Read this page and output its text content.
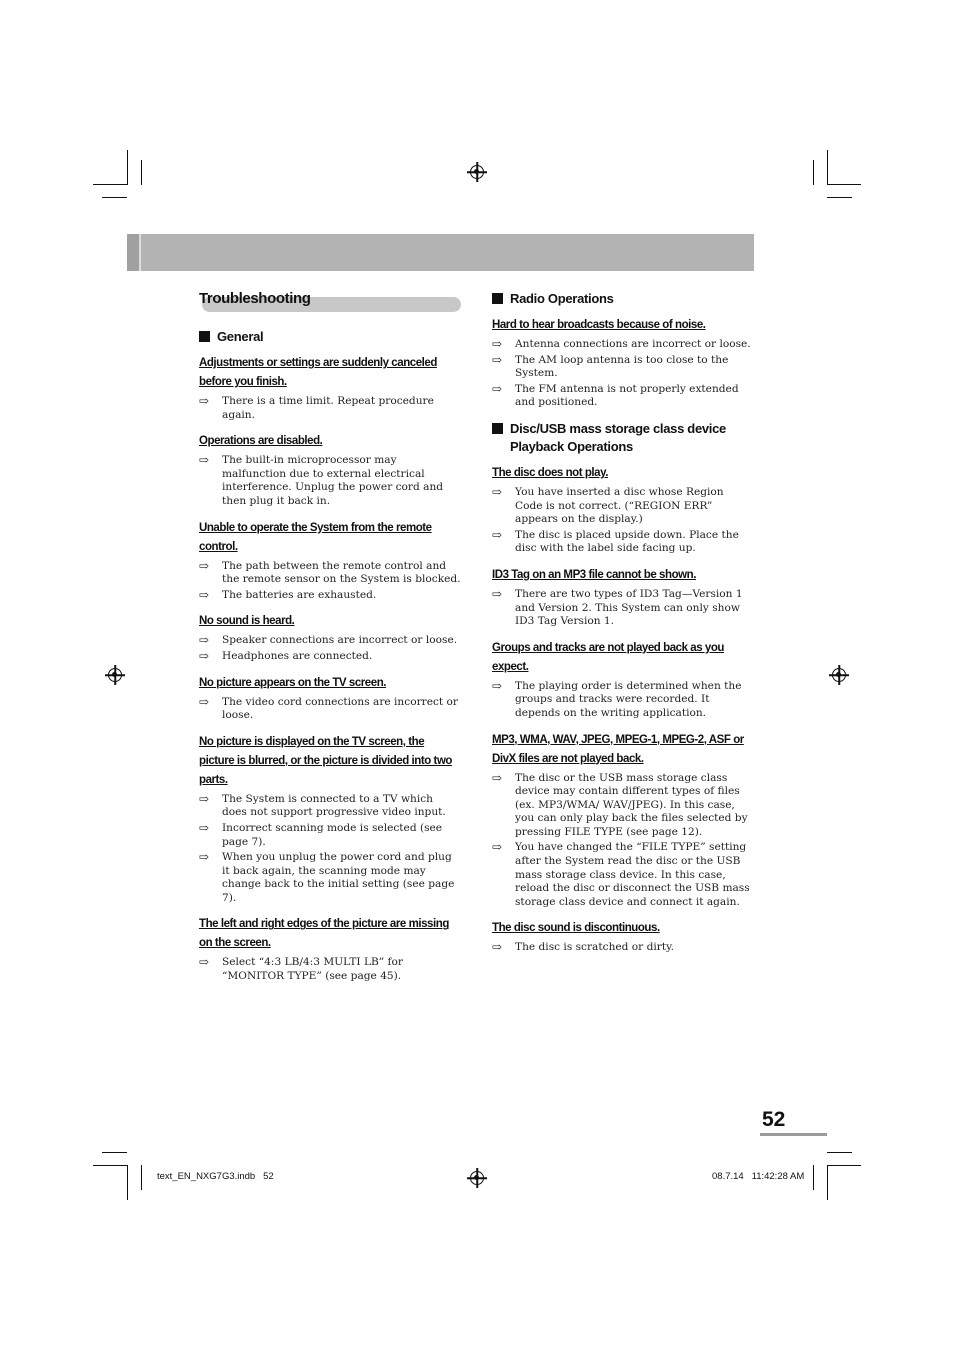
Troubleshooting
General
Adjustments or settings are suddenly canceled before you finish.
⇨	There is a time limit. Repeat procedure again.
Operations are disabled.
⇨	The built-in microprocessor may malfunction due to external electrical interference. Unplug the power cord and then plug it back in.
Unable to operate the System from the remote control.
⇨	The path between the remote control and the remote sensor on the System is blocked.
⇨	The batteries are exhausted.
No sound is heard.
⇨	Speaker connections are incorrect or loose.
⇨	Headphones are connected.
No picture appears on the TV screen.
⇨	The video cord connections are incorrect or loose.
No picture is displayed on the TV screen, the picture is blurred, or the picture is divided into two parts.
⇨	The System is connected to a TV which does not support progressive video input.
⇨	Incorrect scanning mode is selected (see page 7).
⇨	When you unplug the power cord and plug it back again, the scanning mode may change back to the initial setting (see page 7).
The left and right edges of the picture are missing on the screen.
⇨	Select “4:3 LB/4:3 MULTI LB” for “MONITOR TYPE” (see page 45).
Radio Operations
Hard to hear broadcasts because of noise.
⇨	Antenna connections are incorrect or loose.
⇨	The AM loop antenna is too close to the System.
⇨	The FM antenna is not properly extended and positioned.
Disc/USB mass storage class device Playback Operations
The disc does not play.
⇨	You have inserted a disc whose Region Code is not correct. (“REGION ERR” appears on the display.)
⇨	The disc is placed upside down. Place the disc with the label side facing up.
ID3 Tag on an MP3 file cannot be shown.
⇨	There are two types of ID3 Tag—Version 1 and Version 2. This System can only show ID3 Tag Version 1.
Groups and tracks are not played back as you expect.
⇨	The playing order is determined when the groups and tracks were recorded. It depends on the writing application.
MP3, WMA, WAV, JPEG, MPEG-1, MPEG-2, ASF or DivX files are not played back.
⇨	The disc or the USB mass storage class device may contain different types of files (ex. MP3/WMA/ WAV/JPEG). In this case, you can only play back the files selected by pressing FILE TYPE (see page 12).
⇨	You have changed the “FILE TYPE” setting after the System read the disc or the USB mass storage class device. In this case, reload the disc or disconnect the USB mass storage class device and connect it again.
The disc sound is discontinuous.
⇨	The disc is scratched or dirty.
52
text_EN_NXG7G3.indb   52	08.7.14   11:42:28 AM
